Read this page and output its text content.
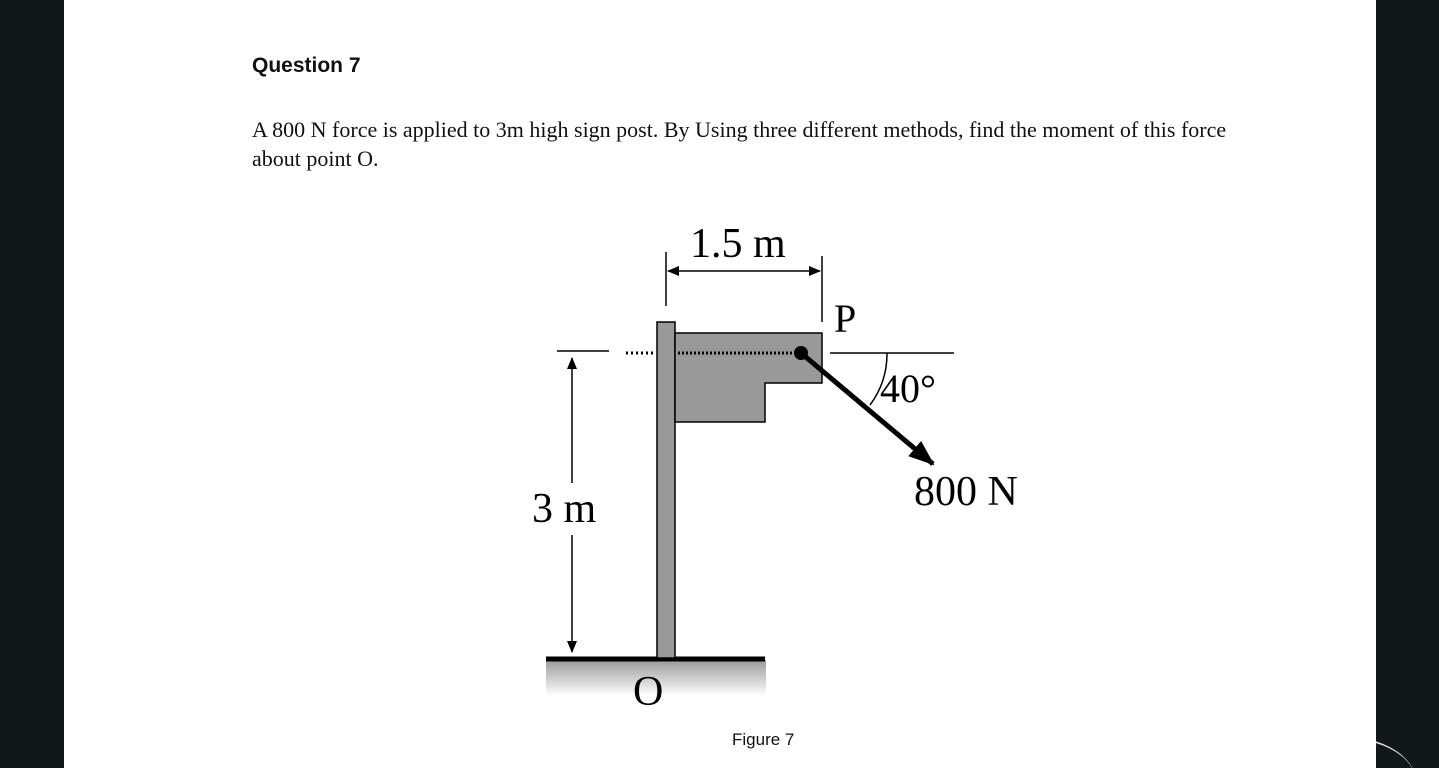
Question 7

A 800 N force is applied to 3m high sign post. By Using three different methods, find the moment of this force about point O.

3 m
1.5 m
P
40°
800 N
O
Figure 7
